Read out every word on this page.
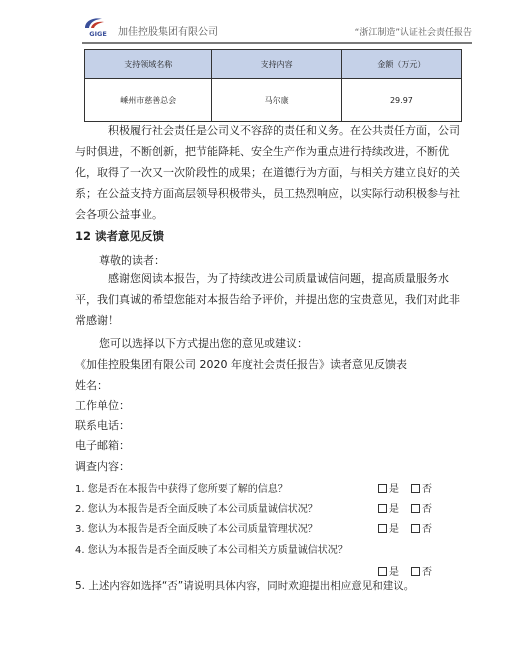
GIGE 加佳控股集团有限公司	“浙江制造”认证社会责任报告
支持领域名称	支持内容	金额（万元）
嵊州市慈善总会	马尔康	29.97
积极履行社会责任是公司义不容辞的责任和义务。在公共责任方面，公司与时俱进，不断创新，把节能降耗、安全生产作为重点进行持续改进，不断优化，取得了一次又一次阶段性的成果；在道德行为方面，与相关方建立良好的关系；在公益支持方面高层领导积极带头，员工热烈响应，以实际行动积极参与社会各项公益事业。
12 读者意见反馈
尊敬的读者：
感谢您阅读本报告，为了持续改进公司质量诚信问题，提高质量服务水平，我们真诚的希望您能对本报告给予评价，并提出您的宝贵意见，我们对此非常感谢！
您可以选择以下方式提出您的意见或建议：
《加佳控股集团有限公司 2020 年度社会责任报告》读者意见反馈表
姓名：
工作单位：
联系电话：
电子邮箱：
调查内容：
1. 您是否在本报告中获得了您所要了解的信息？	是 否
2. 您认为本报告是否全面反映了本公司质量诚信状况？	是 否
3. 您认为本报告是否全面反映了本公司质量管理状况？	是 否
4. 您认为本报告是否全面反映了本公司相关方质量诚信状况？
是 否
5. 上述内容如选择“否”请说明具体内容，同时欢迎提出相应意见和建议。
